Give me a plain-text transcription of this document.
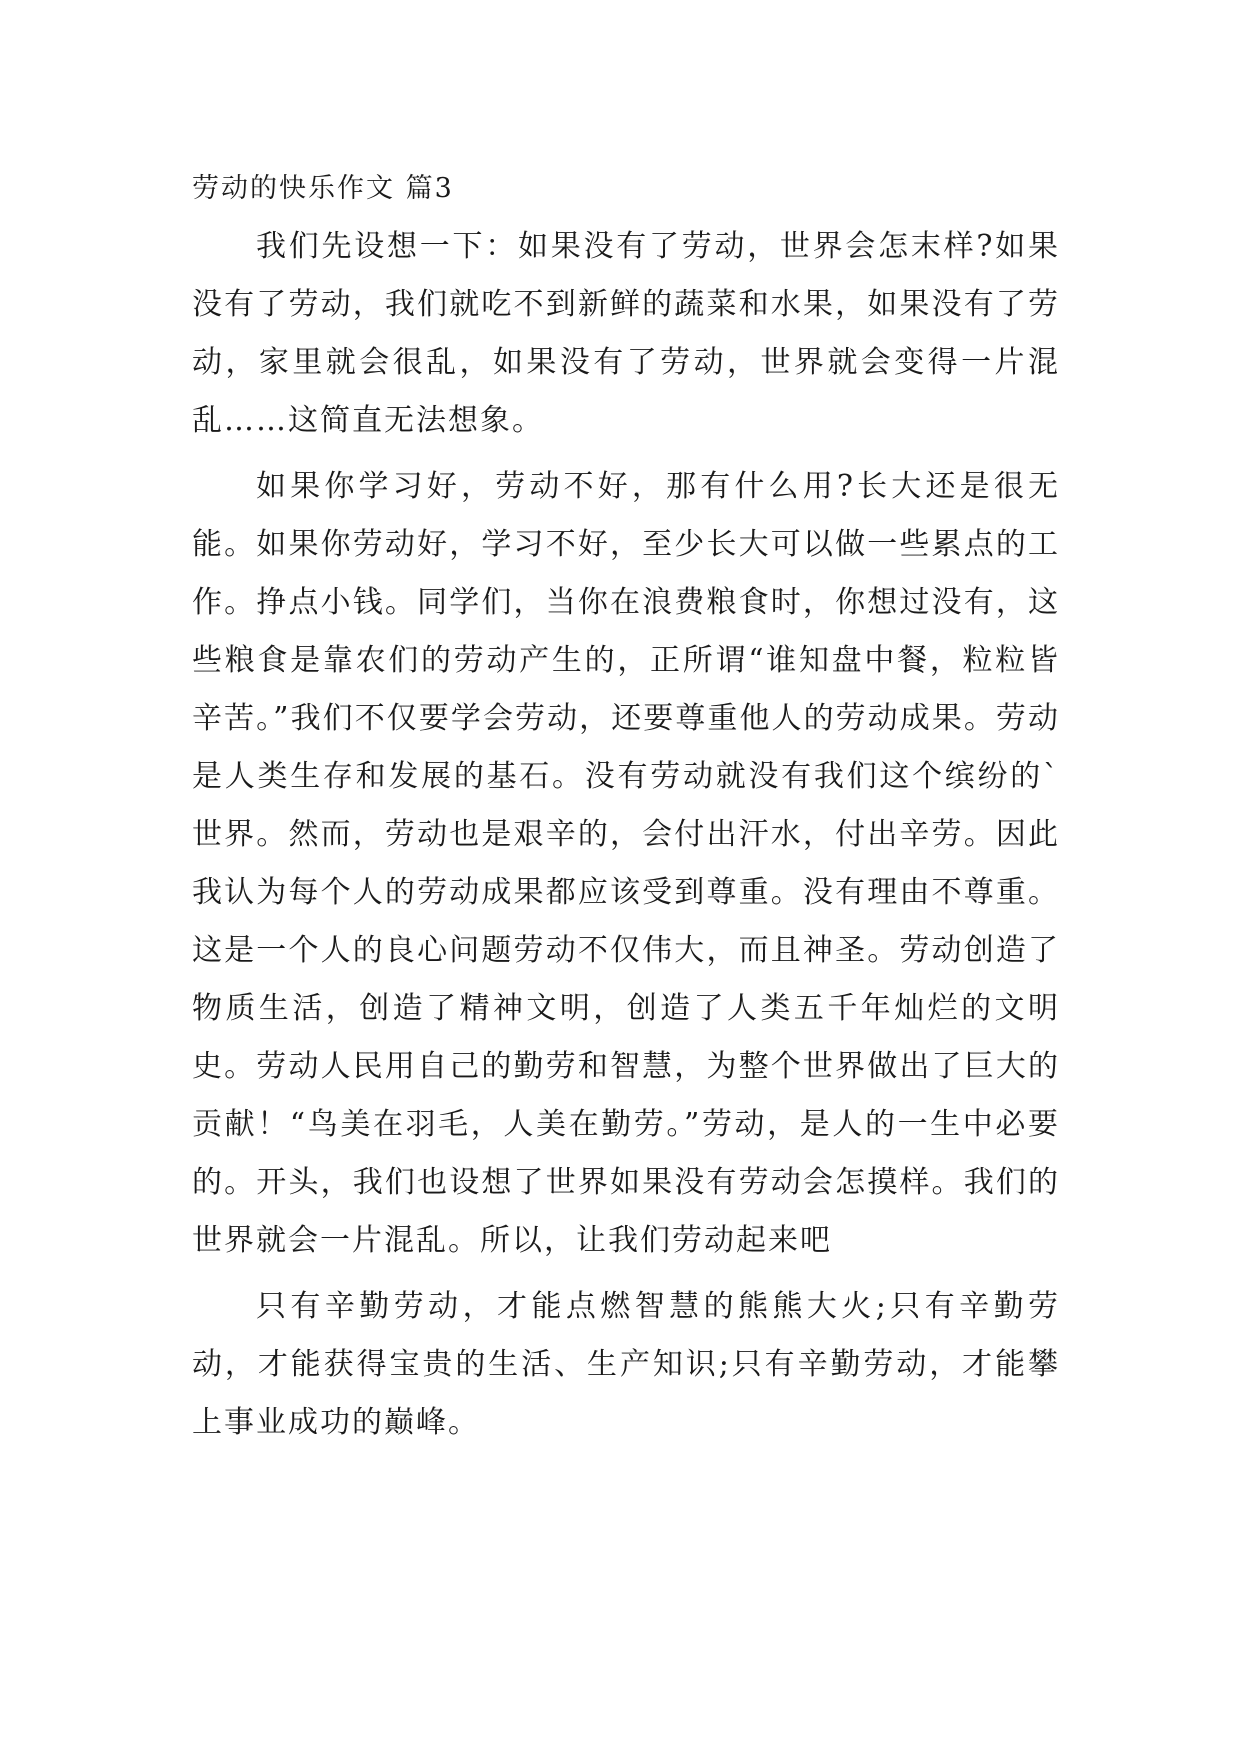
劳动的快乐作文 篇3

我们先设想一下：如果没有了劳动，世界会怎末样?如果没有了劳动，我们就吃不到新鲜的蔬菜和水果，如果没有了劳动，家里就会很乱，如果没有了劳动，世界就会变得一片混乱……这简直无法想象。

如果你学习好，劳动不好，那有什么用?长大还是很无能。如果你劳动好，学习不好，至少长大可以做一些累点的工作。挣点小钱。同学们，当你在浪费粮食时，你想过没有，这些粮食是靠农们的劳动产生的，正所谓“谁知盘中餐，粒粒皆辛苦。”我们不仅要学会劳动，还要尊重他人的劳动成果。劳动是人类生存和发展的基石。没有劳动就没有我们这个缤纷的`世界。然而，劳动也是艰辛的，会付出汗水，付出辛劳。因此我认为每个人的劳动成果都应该受到尊重。没有理由不尊重。这是一个人的良心问题劳动不仅伟大，而且神圣。劳动创造了物质生活，创造了精神文明，创造了人类五千年灿烂的文明史。劳动人民用自己的勤劳和智慧，为整个世界做出了巨大的贡献！“鸟美在羽毛，人美在勤劳。”劳动，是人的一生中必要的。开头，我们也设想了世界如果没有劳动会怎摸样。我们的世界就会一片混乱。所以，让我们劳动起来吧

只有辛勤劳动，才能点燃智慧的熊熊大火;只有辛勤劳动，才能获得宝贵的生活、生产知识;只有辛勤劳动，才能攀上事业成功的巅峰。
